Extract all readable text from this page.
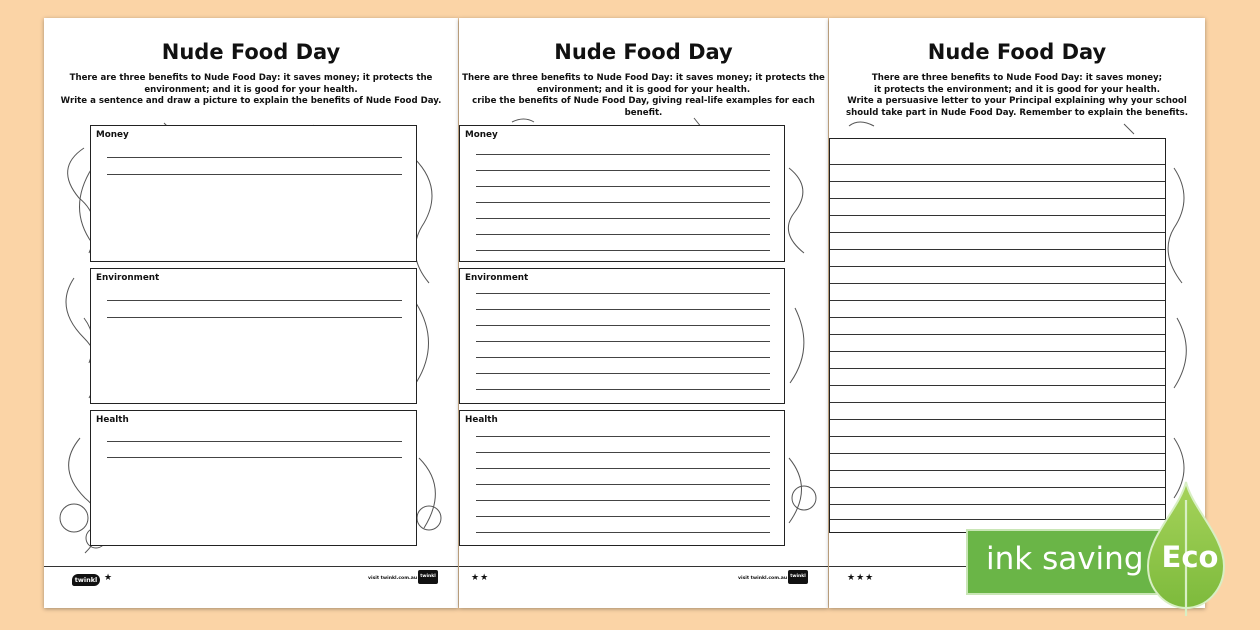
Nude Food Day
There are three benefits to Nude Food Day: it saves money; it protects the
environment; and it is good for your health.
Write a sentence and draw a picture to explain the benefits of Nude Food Day.
Money
Environment
Health
twinkl ★	visit twinkl.com.au twinkl
Nude Food Day
There are three benefits to Nude Food Day: it saves money; it protects the
environment; and it is good for your health.
cribe the benefits of Nude Food Day, giving real-life examples for each benefit.
Money
Environment
Health
★★	visit twinkl.com.au twinkl
Nude Food Day
There are three benefits to Nude Food Day: it saves money;
it protects the environment; and it is good for your health.
Write a persuasive letter to your Principal explaining why your school
should take part in Nude Food Day. Remember to explain the benefits.
★★★
ink saving Eco
